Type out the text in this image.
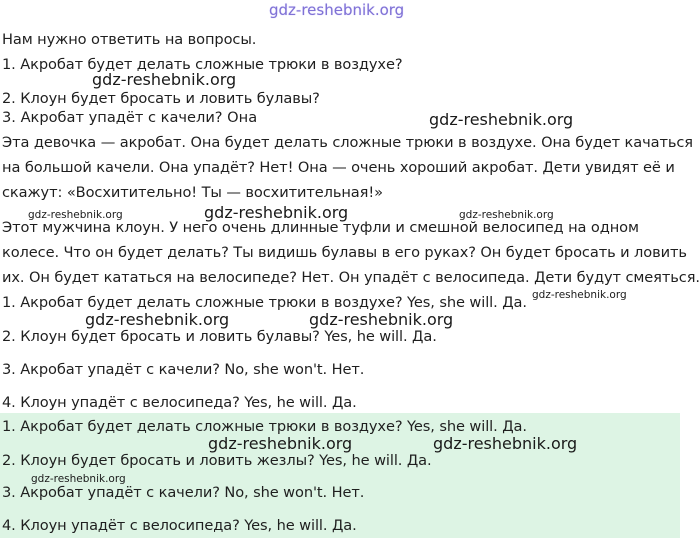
gdz-reshebnik.org
Нам нужно ответить на вопросы.
1. Акробат будет делать сложные трюки в воздухе?
2. Клоун будет бросать и ловить булавы?
3. Акробат упадёт с качели? Она
Эта девочка — акробат. Она будет делать сложные трюки в воздухе. Она будет качаться
на большой качели. Она упадёт? Нет! Она — очень хороший акробат. Дети увидят её и
скажут: «Восхитительно! Ты — восхитительная!»
Этот мужчина клоун. У него очень длинные туфли и смешной велосипед на одном
колесе. Что он будет делать? Ты видишь булавы в его руках? Он будет бросать и ловить
их. Он будет кататься на велосипеде? Нет. Он упадёт с велосипеда. Дети будут смеяться.
1. Акробат будет делать сложные трюки в воздухе? Yes, she will. Да.
2. Клоун будет бросать и ловить булавы? Yes, he will. Да.
3. Акробат упадёт с качели? No, she won't. Нет.
4. Клоун упадёт с велосипеда? Yes, he will. Да.
1. Акробат будет делать сложные трюки в воздухе? Yes, she will. Да.
2. Клоун будет бросать и ловить жезлы? Yes, he will. Да.
3. Акробат упадёт с качели? No, she won't. Нет.
4. Клоун упадёт с велосипеда? Yes, he will. Да.
gdz-reshebnik.org
gdz-reshebnik.org
gdz-reshebnik.org	gdz-reshebnik.org	gdz-reshebnik.org
gdz-reshebnik.org
gdz-reshebnik.org	gdz-reshebnik.org
gdz-reshebnik.org	gdz-reshebnik.org
gdz-reshebnik.org
